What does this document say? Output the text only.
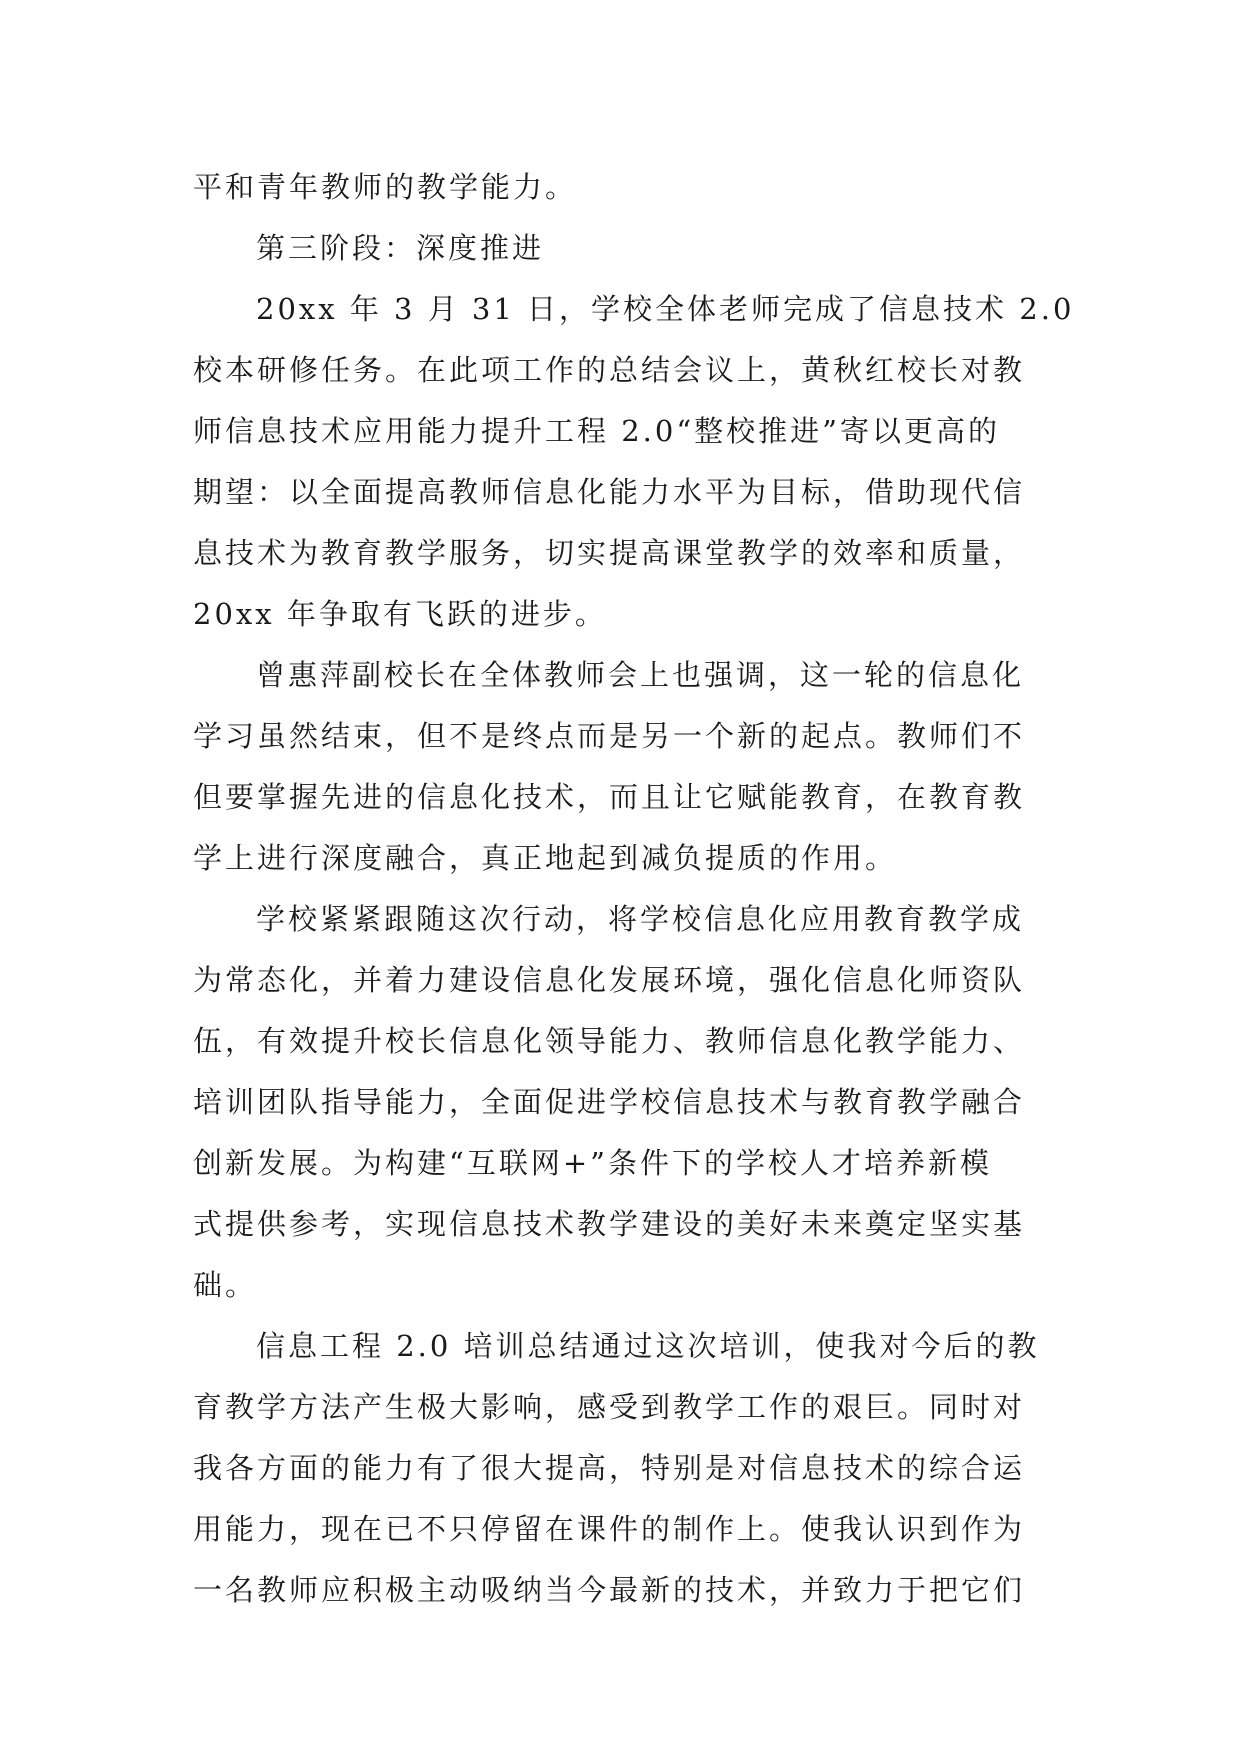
平和青年教师的教学能力。
第三阶段：深度推进
20xx 年 3 月 31 日，学校全体老师完成了信息技术 2.0
校本研修任务。在此项工作的总结会议上，黄秋红校长对教
师信息技术应用能力提升工程 2.0“整校推进”寄以更高的
期望：以全面提高教师信息化能力水平为目标，借助现代信
息技术为教育教学服务，切实提高课堂教学的效率和质量，
20xx 年争取有飞跃的进步。
曾惠萍副校长在全体教师会上也强调，这一轮的信息化
学习虽然结束，但不是终点而是另一个新的起点。教师们不
但要掌握先进的信息化技术，而且让它赋能教育，在教育教
学上进行深度融合，真正地起到减负提质的作用。
学校紧紧跟随这次行动，将学校信息化应用教育教学成
为常态化，并着力建设信息化发展环境，强化信息化师资队
伍，有效提升校长信息化领导能力、教师信息化教学能力、
培训团队指导能力，全面促进学校信息技术与教育教学融合
创新发展。为构建“互联网+”条件下的学校人才培养新模
式提供参考，实现信息技术教学建设的美好未来奠定坚实基
础。
信息工程 2.0 培训总结通过这次培训，使我对今后的教
育教学方法产生极大影响，感受到教学工作的艰巨。同时对
我各方面的能力有了很大提高，特别是对信息技术的综合运
用能力，现在已不只停留在课件的制作上。使我认识到作为
一名教师应积极主动吸纳当今最新的技术，并致力于把它们
